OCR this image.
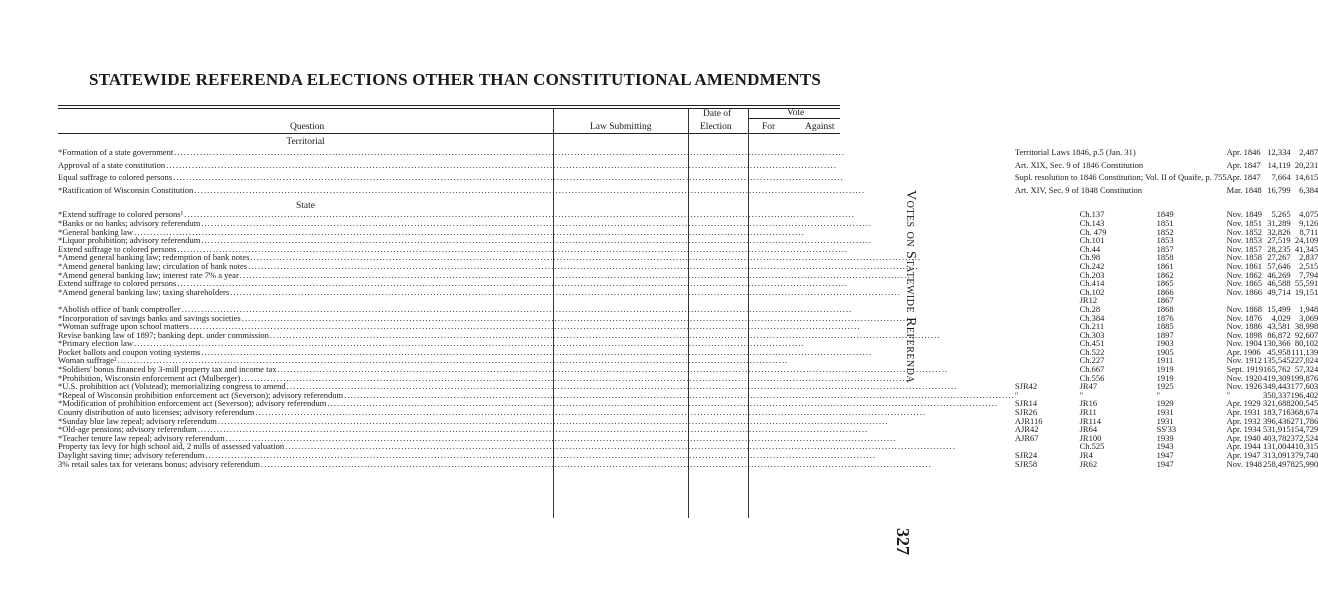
STATEWIDE REFERENDA ELECTIONS OTHER THAN CONSTITUTIONAL AMENDMENTS
Question	Law Submitting
Date of
Election
Vote
For	Against
Territorial
*Formation of a state government
.....	Territorial Laws 1846, p.5 (Jan. 31)			Apr. 1846	12,334	2,487

Approval of a state constitution
.....	Art. XIX, Sec. 9 of 1846 Constitution			Apr. 1847	14,119	20,231

Equal suffrage to colored persons
.....	Supl. resolution to 1846 Constitution; Vol. II of Quaife, p. 755			Apr. 1847	7,664	14,615

*Ratification of Wisconsin Constitution
.....	Art. XIV, Sec. 9 of 1848 Constitution			Mar. 1848	16,799	6,384

State						

*Extend suffrage to colored persons¹
.....		Ch.137	1849	Nov. 1849	5,265	4,075

*Banks or no banks; advisory referendum
.....		Ch.143	1851	Nov. 1851	31,289	9,126

*General banking law
.....		Ch. 479	1852	Nov. 1852	32,826	8,711

*Liquor prohibition; advisory referendum
.....		Ch.101	1853	Nov. 1853	27,519	24,109

Extend suffrage to colored persons
.....		Ch.44	1857	Nov. 1857	28,235	41,345

*Amend general banking law; redemption of bank notes
.....		Ch.98	1858	Nov. 1858	27,267	2,837

*Amend general banking law; circulation of bank notes
.....		Ch.242	1861	Nov. 1861	57,646	2,515

*Amend general banking law; interest rate 7% a year
.....		Ch.203	1862	Nov. 1862	46,269	7,794

Extend suffrage to colored persons
.....		Ch.414	1865	Nov. 1865	46,588	55,591

*Amend general banking law; taxing shareholders
.....		Ch.102	1866	Nov. 1866	49,714	19,151
		JR12	1867			

*Abolish office of bank comptroller
.....		Ch.28	1868	Nov. 1868	15,499	1,948

*Incorporation of savings banks and savings societies
.....		Ch.384	1876	Nov. 1876	4,029	3,069

*Woman suffrage upon school matters
.....		Ch.211	1885	Nov. 1886	43,581	38,998

Revise banking law of 1897; banking dept. under commission
.....		Ch.303	1897	Nov. 1898	86,872	92,607

*Primary election law
.....		Ch.451	1903	Nov. 1904	130,366	80,102

Pocket ballots and coupon voting systems
.....		Ch.522	1905	Apr. 1906	45,958	111,139

Woman suffrage²
.....		Ch.227	1911	Nov. 1912	135,545	227,024

*Soldiers' bonus financed by 3-mill property tax and income tax
.....		Ch.667	1919	Sept. 1919	165,762	57,324

*Prohibition, Wisconsin enforcement act (Mulberger)
.....		Ch.556	1919	Nov. 1920	419,309	199,876

*U.S. prohibition act (Volstead); memorializing congress to amend
.....	SJR42	JR47	1925	Nov. 1926	349,443	177,603

*Repeal of Wisconsin prohibition enforcement act (Severson); advisory referendum
.....	"	"	"	"	350,337	196,402

*Modification of prohibition enforcement act (Severson); advisory referendum
.....	SJR14	JR16	1929	Apr. 1929	321,688	200,545

County distribution of auto licenses; advisory referendum
.....	SJR26	JR11	1931	Apr. 1931	183,716	368,674

*Sunday blue law repeal; advisory referendum
.....	AJR116	JR114	1931	Apr. 1932	396,436	271,786

*Old-age pensions; advisory referendum
.....	AJR42	JR64	SS'33	Apr. 1934	531,915	154,729

*Teacher tenure law repeal; advisory referendum
.....	AJR67	JR100	1939	Apr. 1940	403,782	372,524

Property tax levy for high school aid, 2 mills of assessed valuation
.....		Ch.525	1943	Apr. 1944	131,004	410,315

Daylight saving time; advisory referendum
.....	SJR24	JR4	1947	Apr. 1947	313,091	379,740

3% retail sales tax for veterans bonus; advisory referendum
.....	SJR58	JR62	1947	Nov. 1948	258,497	825,990
Votes on Statewide Referenda
327
